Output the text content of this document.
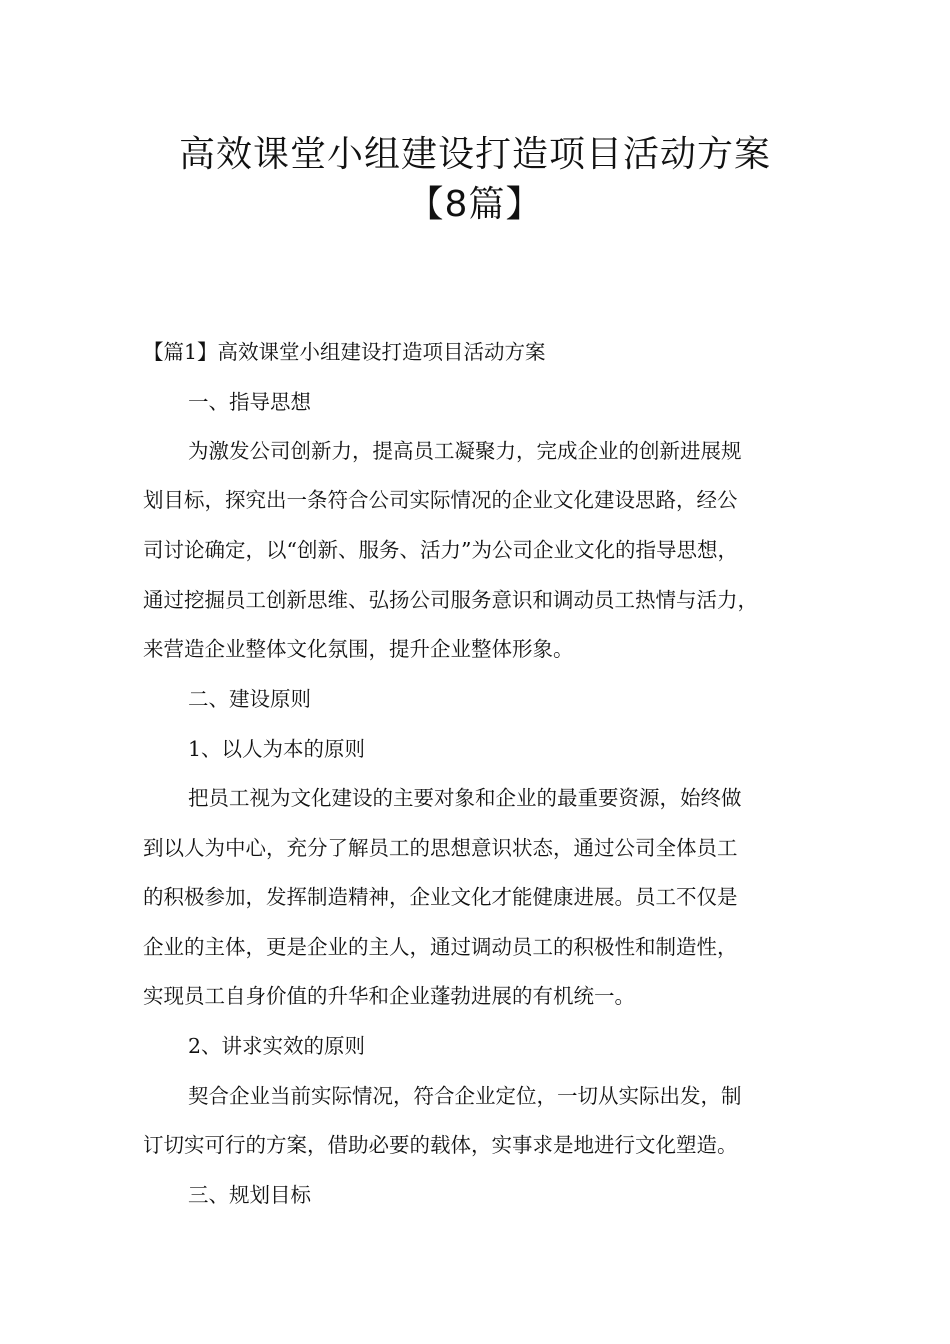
高效课堂小组建设打造项目活动方案
【8篇】

【篇1】高效课堂小组建设打造项目活动方案

一、指导思想

为激发公司创新力，提高员工凝聚力，完成企业的创新进展规

划目标，探究出一条符合公司实际情况的企业文化建设思路，经公

司讨论确定，以“创新、服务、活力”为公司企业文化的指导思想，

通过挖掘员工创新思维、弘扬公司服务意识和调动员工热情与活力，

来营造企业整体文化氛围，提升企业整体形象。

二、建设原则

1、以人为本的原则

把员工视为文化建设的主要对象和企业的最重要资源，始终做

到以人为中心，充分了解员工的思想意识状态，通过公司全体员工

的积极参加，发挥制造精神，企业文化才能健康进展。员工不仅是

企业的主体，更是企业的主人，通过调动员工的积极性和制造性，

实现员工自身价值的升华和企业蓬勃进展的有机统一。

2、讲求实效的原则

契合企业当前实际情况，符合企业定位，一切从实际出发，制

订切实可行的方案，借助必要的载体，实事求是地进行文化塑造。

三、规划目标
